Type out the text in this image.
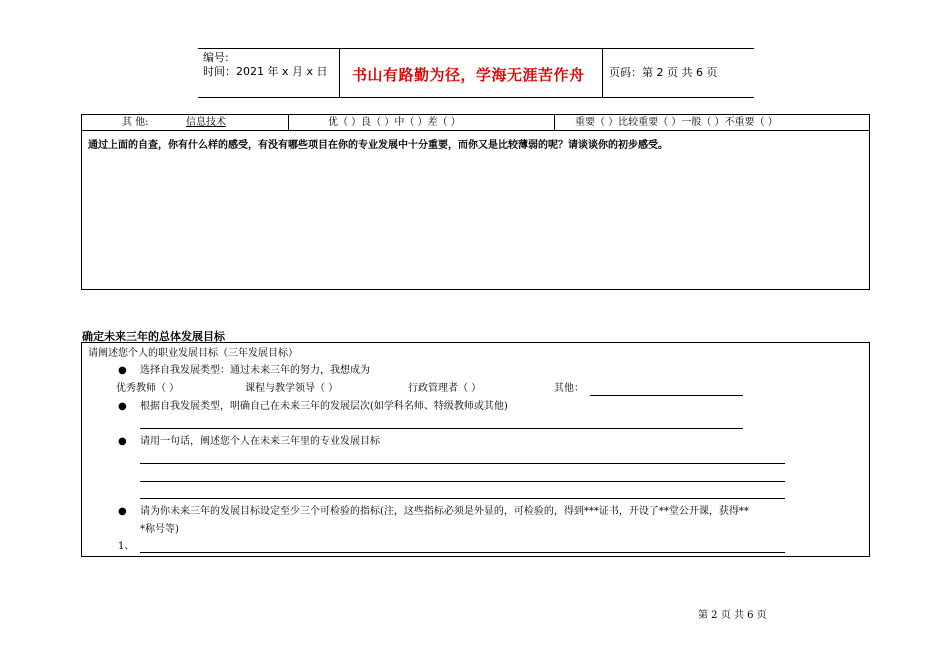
编号:
时间：2021 年 x 月 x 日 书山有路勤为径，学海无涯苦作舟 页码：第 2 页 共 6 页
其 他:	信息技术	优（ ）良（ ）中（ ）差（ ）	重要（ ）比较重要（ ）一般（ ）不重要（ ）
通过上面的自查，你有什么样的感受，有没有哪些项目在你的专业发展中十分重要，而你又是比较薄弱的呢？请谈谈你的初步感受。
确定未来三年的总体发展目标
请阐述您个人的职业发展目标（三年发展目标）
● 选择自我发展类型：通过未来三年的努力，我想成为
优秀教师（ ）	课程与教学领导（ ）	行政管理者（ ）	其他：
● 根据自我发展类型，明确自己在未来三年的发展层次(如学科名师、特级教师或其他)
● 请用一句话，阐述您个人在未来三年里的专业发展目标
● 请为你未来三年的发展目标设定至少三个可检验的指标(注，这些指标必须是外显的，可检验的，得到***证书，开设了**堂公开课，获得**
*称号等)
1、
第 2 页 共 6 页
